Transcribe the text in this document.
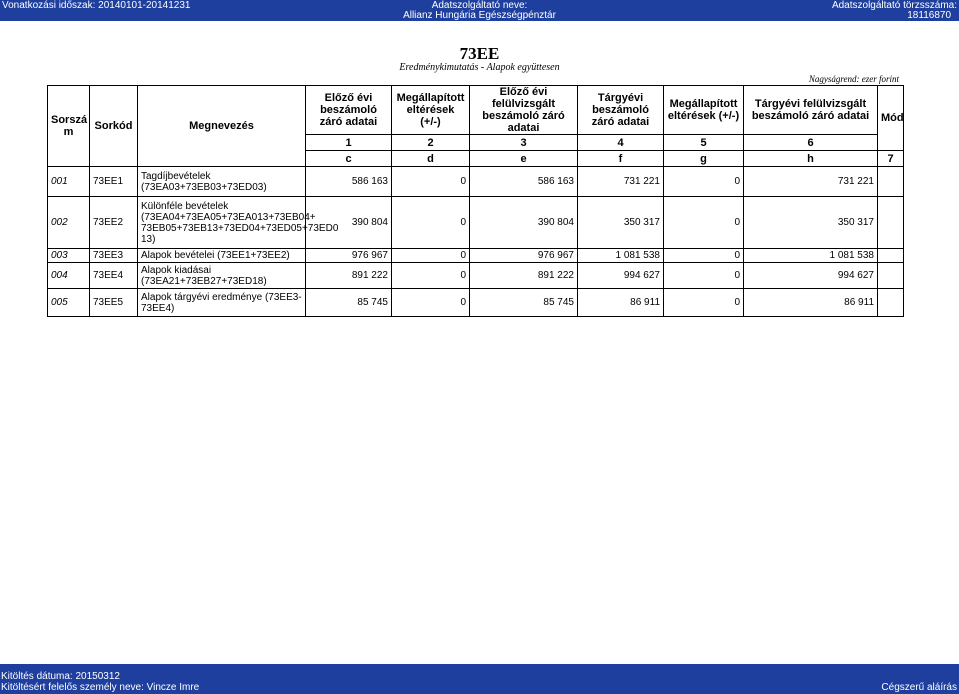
Vonatkozási időszak: 20140101-20141231	Adatszolgáltató neve:	Adatszolgáltató törzsszáma:
Allianz Hungária Egészségpénztár	18116870
73EE
Eredménykimutatás - Alapok együttesen
Nagyságrend: ezer forint
Sorszá m	Sorkód	Megnevezés	Előző évi beszámoló záró adatai	Megállapított eltérések (+/-)	Előző évi felülvizsgált beszámoló záró adatai	Tárgyévi beszámoló záró adatai	Megállapított eltérések (+/-)	Tárgyévi felülvizsgált beszámoló záró adatai	Mód
			1	2	3	4	5	6	
			c	d	e	f	g	h	7
001	73EE1	Tagdíjbevételek (73EA03+73EB03+73ED03)	586 163	0	586 163	731 221	0	731 221	
002	73EE2	Különféle bevételek (73EA04+73EA05+73EA013+73EB04+ 73EB05+73EB13+73ED04+73ED05+73ED0 13)	390 804	0	390 804	350 317	0	350 317	
003	73EE3	Alapok bevételei (73EE1+73EE2)	976 967	0	976 967	1 081 538	0	1 081 538	
004	73EE4	Alapok kiadásai (73EA21+73EB27+73ED18)	891 222	0	891 222	994 627	0	994 627	
005	73EE5	Alapok tárgyévi eredménye (73EE3- 73EE4)	85 745	0	85 745	86 911	0	86 911	
Kitöltés dátuma: 20150312
Kitöltésért felelős személy neve: Vincze Imre	Cégszerű aláírás
